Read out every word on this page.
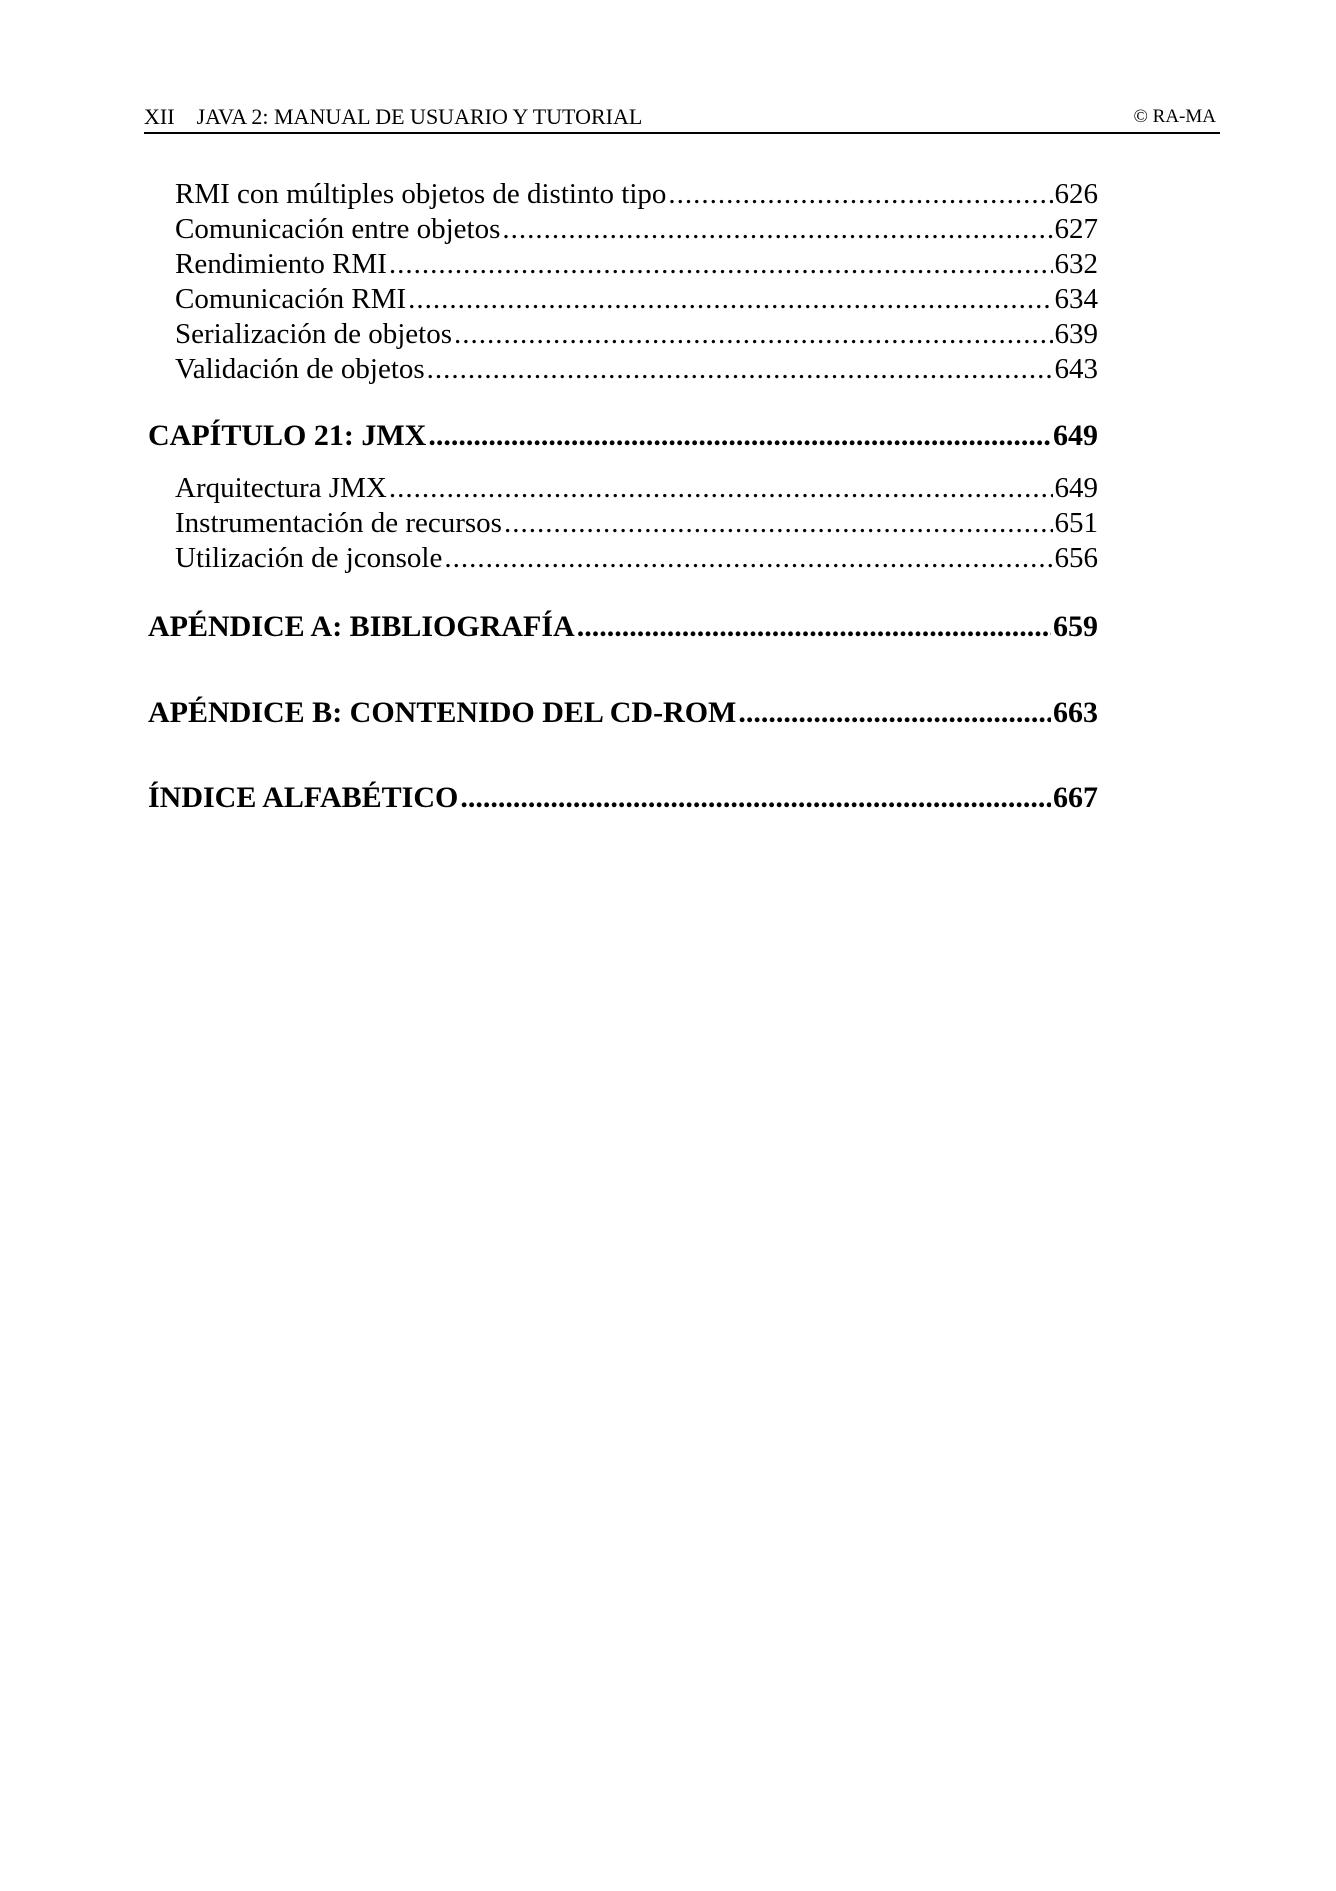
XII JAVA 2: MANUAL DE USUARIO Y TUTORIAL	© RA-MA
RMI con múltiples objetos de distinto tipo .....	626
Comunicación entre objetos .....	627
Rendimiento RMI .....	632
Comunicación RMI .....	634
Serialización de objetos .....	639
Validación de objetos .....	643
CAPÍTULO 21: JMX .....	649
Arquitectura JMX .....	649
Instrumentación de recursos .....	651
Utilización de jconsole .....	656
APÉNDICE A: BIBLIOGRAFÍA .....	659
APÉNDICE B: CONTENIDO DEL CD-ROM .....	663
ÍNDICE ALFABÉTICO .....	667
